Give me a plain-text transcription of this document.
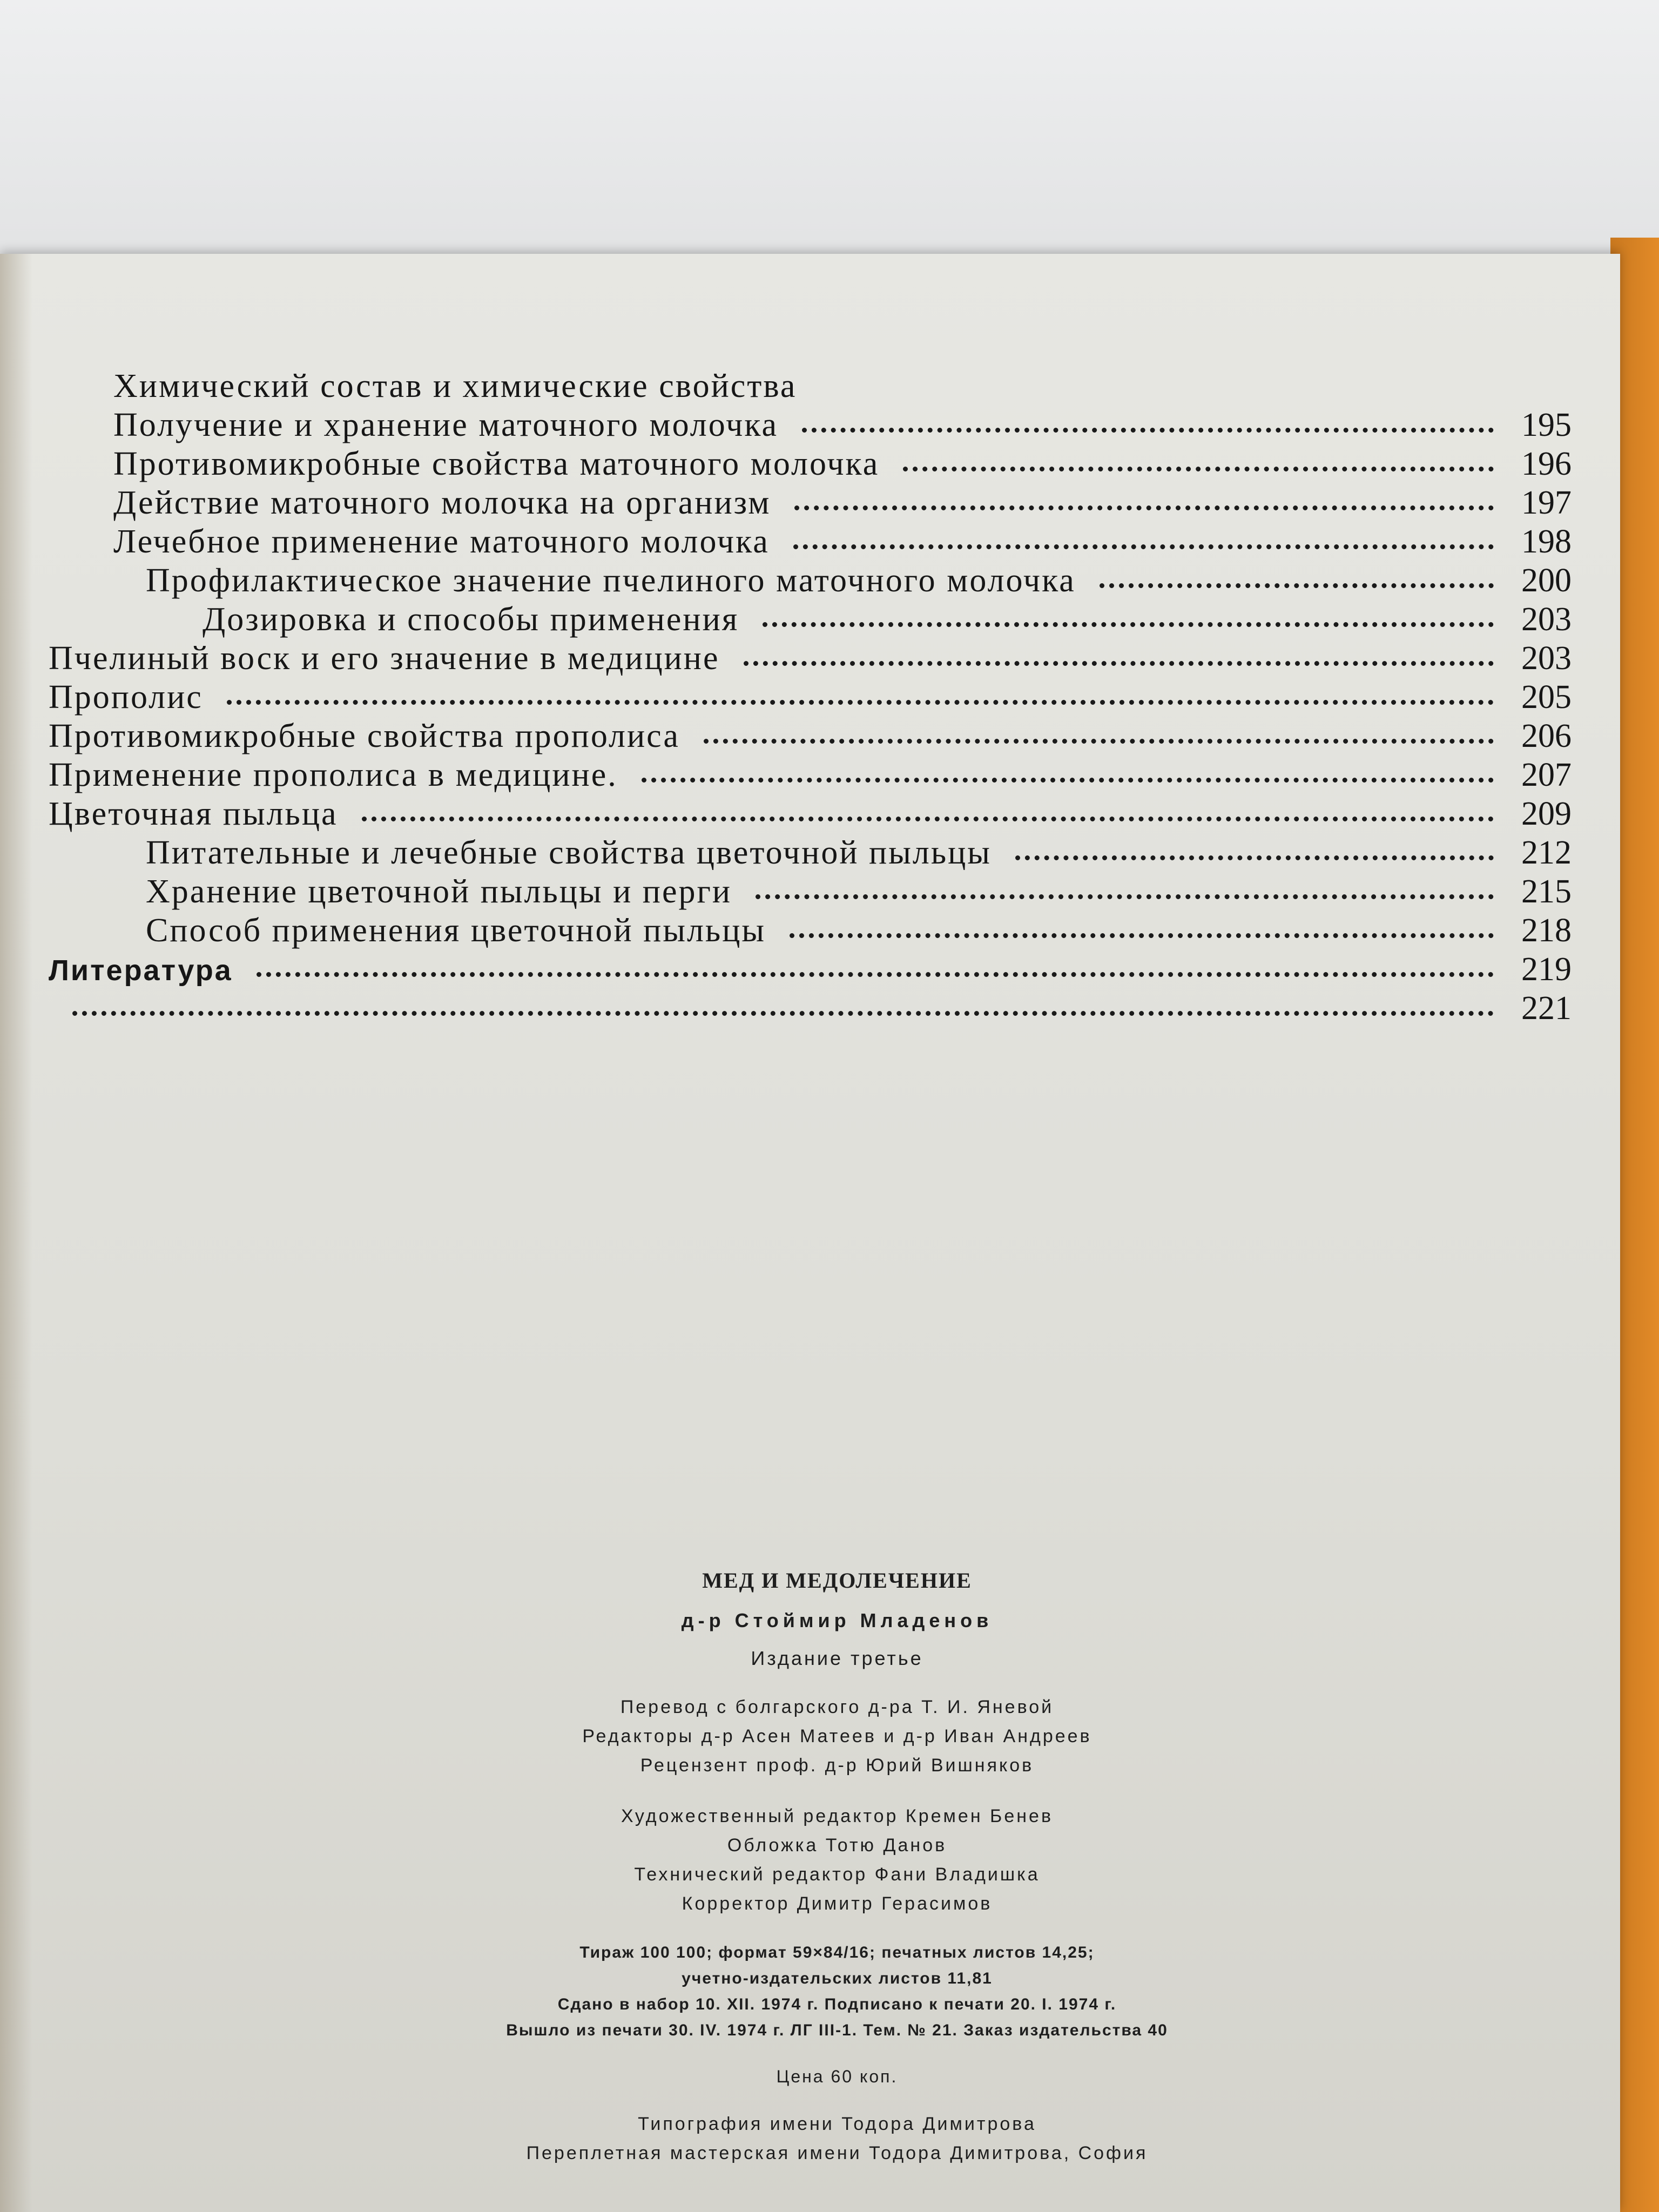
Химический состав и химические свойства
Получение и хранение маточного молочка	195
Противомикробные свойства маточного молочка	196
Действие маточного молочка на организм	197
Лечебное применение маточного молочка	198
Профилактическое значение пчелиного маточного молочка	200
Дозировка и способы применения	203
Пчелиный воск и его значение в медицине	203
Прополис	205
Противомикробные свойства прополиса	206
Применение прополиса в медицине.	207
Цветочная пыльца	209
Питательные и лечебные свойства цветочной пыльцы	212
Хранение цветочной пыльцы и перги	215
Способ применения цветочной пыльцы	218
Литература	219
221
МЕД И МЕДОЛЕЧЕНИЕ
д-р Стоймир Младенов
Издание третье
Перевод с болгарского д-ра Т. И. Яневой
Редакторы д-р Асен Матеев и д-р Иван Андреев
Рецензент проф. д-р Юрий Вишняков
Художественный редактор Кремен Бенев
Обложка Тотю Данов
Технический редактор Фани Владишка
Корректор Димитр Герасимов
Тираж 100 100; формат 59×84/16; печатных листов 14,25;
учетно-издательских листов 11,81
Сдано в набор 10. XII. 1974 г. Подписано к печати 20. I. 1974 г.
Вышло из печати 30. IV. 1974 г. ЛГ III-1. Тем. № 21. Заказ издательства 40
Цена 60 коп.
Типография имени Тодора Димитрова
Переплетная мастерская имени Тодора Димитрова, София
